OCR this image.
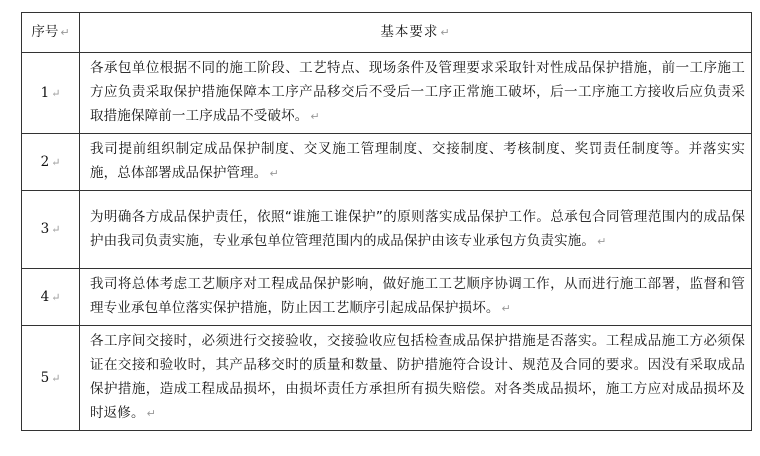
序号 ↵	基本要求 ↵
1 ↵	各承包单位根据不同的施工阶段、工艺特点、现场条件及管理要求采取针对性成品保护措施，前一工序施工方应负责采取保护措施保障本工序产品移交后不受后一工序正常施工破坏，后一工序施工方接收后应负责采取措施保障前一工序成品不受破坏。 ↵
2 ↵	我司提前组织制定成品保护制度、交叉施工管理制度、交接制度、考核制度、奖罚责任制度等。并落实实施，总体部署成品保护管理。 ↵
3 ↵	为明确各方成品保护责任，依照“谁施工谁保护”的原则落实成品保护工作。总承包合同管理范围内的成品保护由我司负责实施，专业承包单位管理范围内的成品保护由该专业承包方负责实施。 ↵
4 ↵	我司将总体考虑工艺顺序对工程成品保护影响，做好施工工艺顺序协调工作，从而进行施工部署，监督和管理专业承包单位落实保护措施，防止因工艺顺序引起成品保护损坏。 ↵
5 ↵	各工序间交接时，必须进行交接验收，交接验收应包括检查成品保护措施是否落实。工程成品施工方必须保证在交接和验收时，其产品移交时的质量和数量、防护措施符合设计、规范及合同的要求。因没有采取成品保护措施，造成工程成品损坏，由损坏责任方承担所有损失赔偿。对各类成品损坏，施工方应对成品损坏及时返修。 ↵
